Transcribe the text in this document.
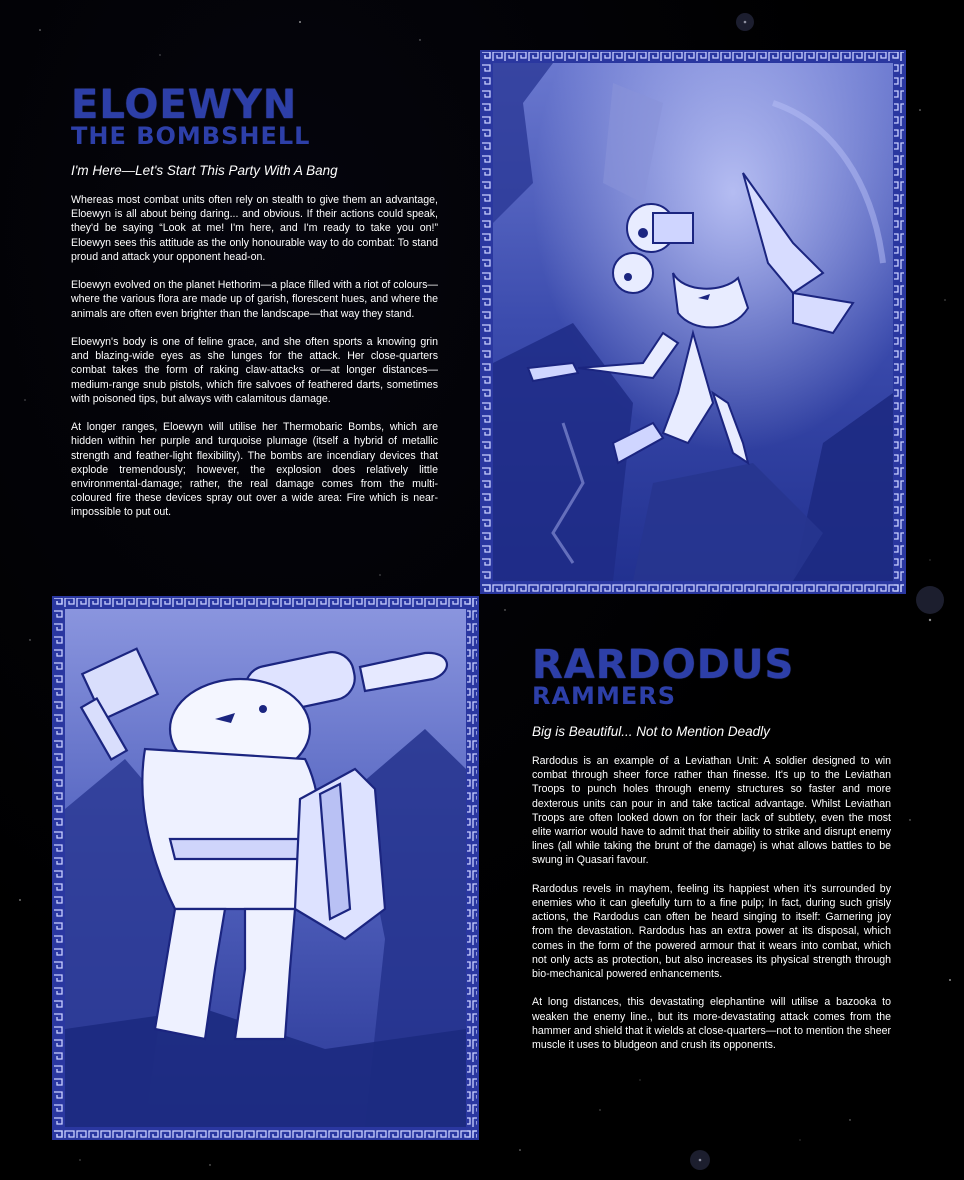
ELOEWYN
THE BOMBSHELL

I'm Here—Let's Start This Party With A Bang

Whereas most combat units often rely on stealth to give them an advantage, Eloewyn is all about being daring... and obvious. If their actions could speak, they'd be saying “Look at me! I'm here, and I'm ready to take you on!” Eloewyn sees this attitude as the only honourable way to do combat: To stand proud and attack your opponent head-on.

Eloewyn evolved on the planet Hethorim—a place filled with a riot of colours— where the various flora are made up of garish, florescent hues, and where the animals are often even brighter than the landscape—that way they stand.

Eloewyn's body is one of feline grace, and she often sports a knowing grin and blazing-wide eyes as she lunges for the attack. Her close-quarters combat takes the form of raking claw-attacks or—at longer distances—medium-range snub pistols, which fire salvoes of feathered darts, sometimes with poisoned tips, but always with calamitous damage.

At longer ranges, Eloewyn will utilise her Thermobaric Bombs, which are hidden within her purple and turquoise plumage (itself a hybrid of metallic strength and feather-light flexibility). The bombs are incendiary devices that explode tremendously; however, the explosion does relatively little environmental-damage; rather, the real damage comes from the multi-coloured fire these devices spray out over a wide area: Fire which is near-impossible to put out.

RARDODUS
RAMMERS

Big is Beautiful... Not to Mention Deadly

Rardodus is an example of a Leviathan Unit: A soldier designed to win combat through sheer force rather than finesse. It's up to the Leviathan Troops to punch holes through enemy structures so faster and more dexterous units can pour in and take tactical advantage. Whilst Leviathan Troops are often looked down on for their lack of subtlety, even the most elite warrior would have to admit that their ability to strike and disrupt enemy lines (all while taking the brunt of the damage) is what allows battles to be swung in Quasari favour.

Rardodus revels in mayhem, feeling its happiest when it's surrounded by enemies who it can gleefully turn to a fine pulp; In fact, during such grisly actions, the Rardodus can often be heard singing to itself: Garnering joy from the devastation. Rardodus has an extra power at its disposal, which comes in the form of the powered armour that it wears into combat, which not only acts as protection, but also increases its physical strength through bio-mechanical powered enhancements.

At long distances, this devastating elephantine will utilise a bazooka to weaken the enemy line., but its more-devastating attack comes from the hammer and shield that it wields at close-quarters—not to mention the sheer muscle it uses to bludgeon and crush its opponents.
